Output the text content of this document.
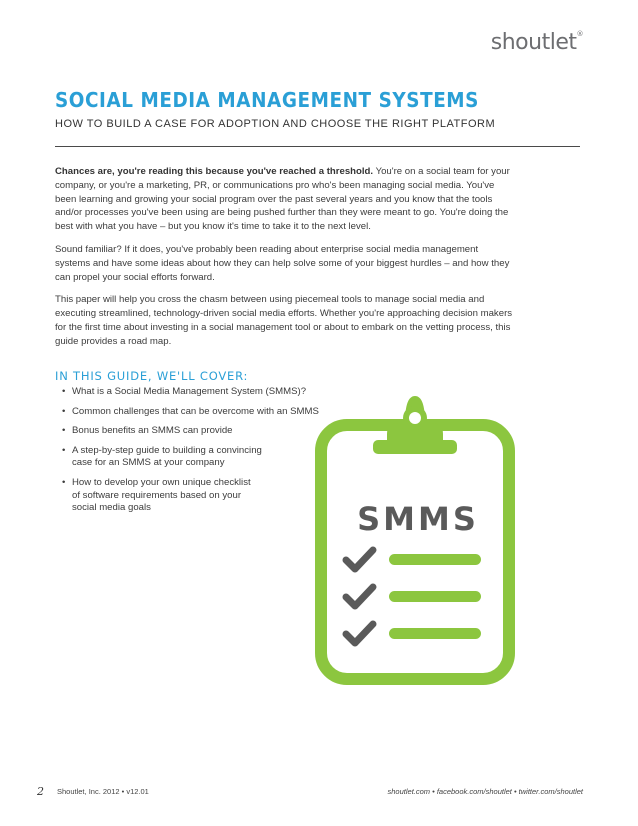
shoutlet®
SOCIAL MEDIA MANAGEMENT SYSTEMS
HOW TO BUILD A CASE FOR ADOPTION AND CHOOSE THE RIGHT PLATFORM

Chances are, you're reading this because you've reached a threshold. You're on a social team for your company, or you're a marketing, PR, or communications pro who's been managing social media. You've been learning and growing your social program over the past several years and you know that the tools and/or processes you've been using are being pushed further than they were meant to go. You're doing the best with what you have – but you know it's time to take it to the next level.

Sound familiar? If it does, you've probably been reading about enterprise social media management systems and have some ideas about how they can help solve some of your biggest hurdles – and how they can propel your social efforts forward.

This paper will help you cross the chasm between using piecemeal tools to manage social media and executing streamlined, technology-driven social media efforts. Whether you're approaching decision makers for the first time about investing in a social management tool or about to embark on the vetting process, this guide provides a road map.

IN THIS GUIDE, WE'LL COVER:
• What is a Social Media Management System (SMMS)?
• Common challenges that can be overcome with an SMMS
• Bonus benefits an SMMS can provide
• A step-by-step guide to building a convincing
case for an SMMS at your company
• How to develop your own unique checklist
of software requirements based on your
social media goals	SMMS
2 Shoutlet, Inc. 2012 • v12.01	shoutlet.com • facebook.com/shoutlet • twitter.com/shoutlet
